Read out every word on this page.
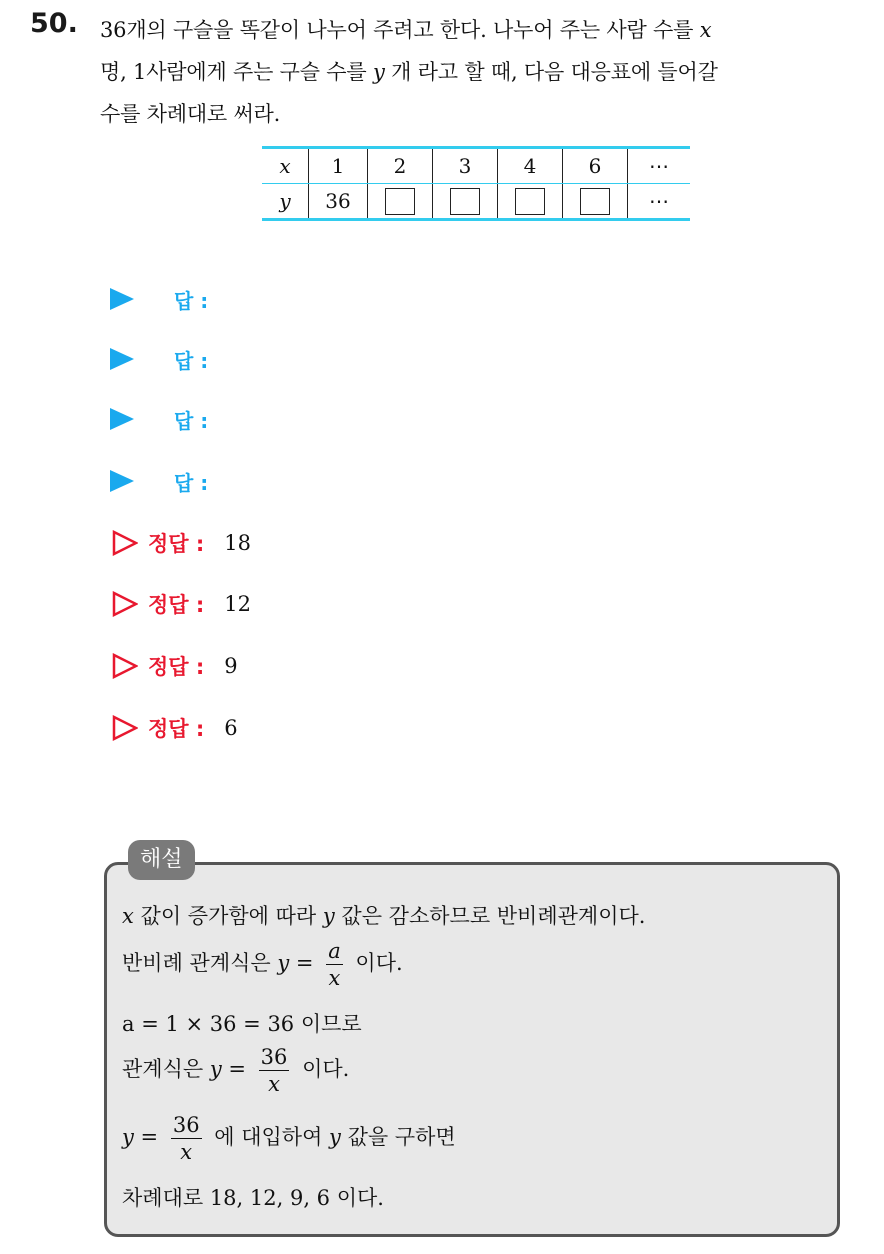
50. 36개의 구슬을 똑같이 나누어 주려고 한다. 나누어 주는 사람 수를 x
명, 1사람에게 주는 구슬 수를 y 개 라고 할 때, 다음 대응표에 들어갈
수를 차례대로 써라.
x	1	2	3	4	6	⋯
y	36					⋯
답 :
답 :
답 :
답 :
정답 : 18
정답 : 12
정답 : 9
정답 : 6
해설
x 값이 증가함에 따라 y 값은 감소하므로 반비례관계이다.
반비례 관계식은 $y = \frac{a}{x}$ 이다.
a = 1 × 36 = 36 이므로
관계식은 $y = \frac{36}{x}$ 이다.
$y = \frac{36}{x}$ 에 대입하여 y 값을 구하면
차례대로 18, 12, 9, 6 이다.
